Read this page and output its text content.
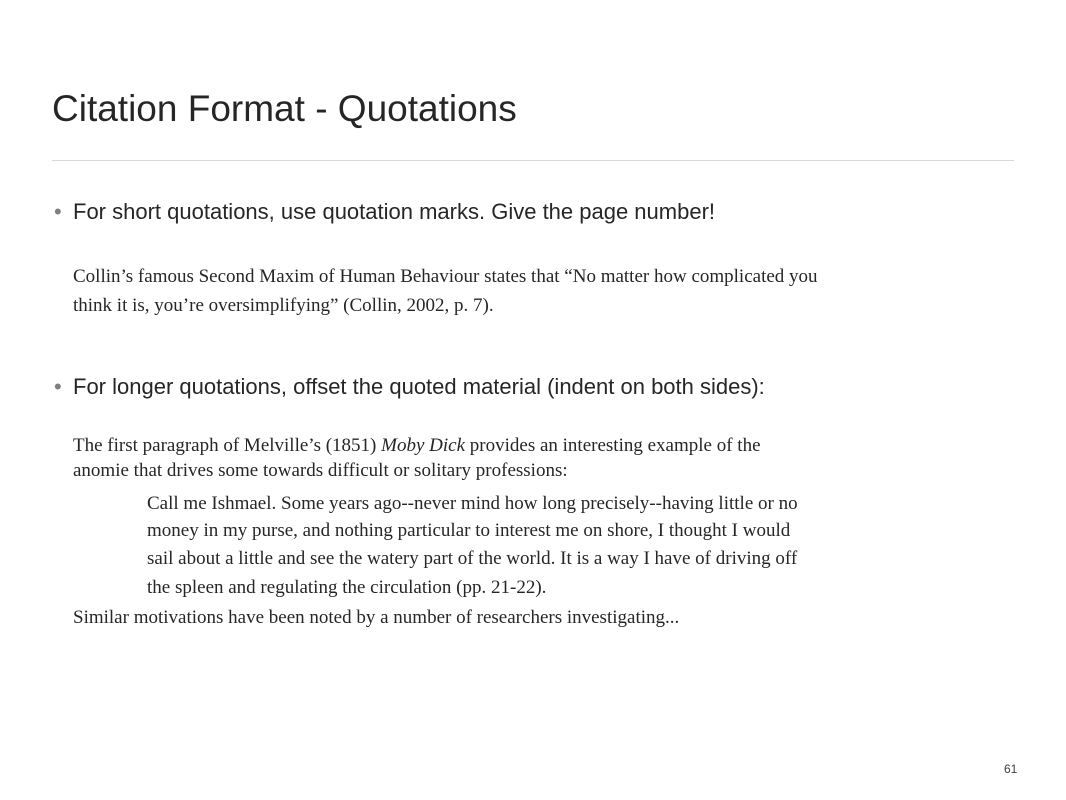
Citation Format - Quotations
• For short quotations, use quotation marks. Give the page number!
Collin’s famous Second Maxim of Human Behaviour states that “No matter how complicated you
think it is, you’re oversimplifying” (Collin, 2002, p. 7).
• For longer quotations, offset the quoted material (indent on both sides):
The first paragraph of Melville’s (1851) Moby Dick provides an interesting example of the
anomie that drives some towards difficult or solitary professions:
Call me Ishmael. Some years ago--never mind how long precisely--having little or no
money in my purse, and nothing particular to interest me on shore, I thought I would
sail about a little and see the watery part of the world. It is a way I have of driving off
the spleen and regulating the circulation (pp. 21-22).
Similar motivations have been noted by a number of researchers investigating...
61
